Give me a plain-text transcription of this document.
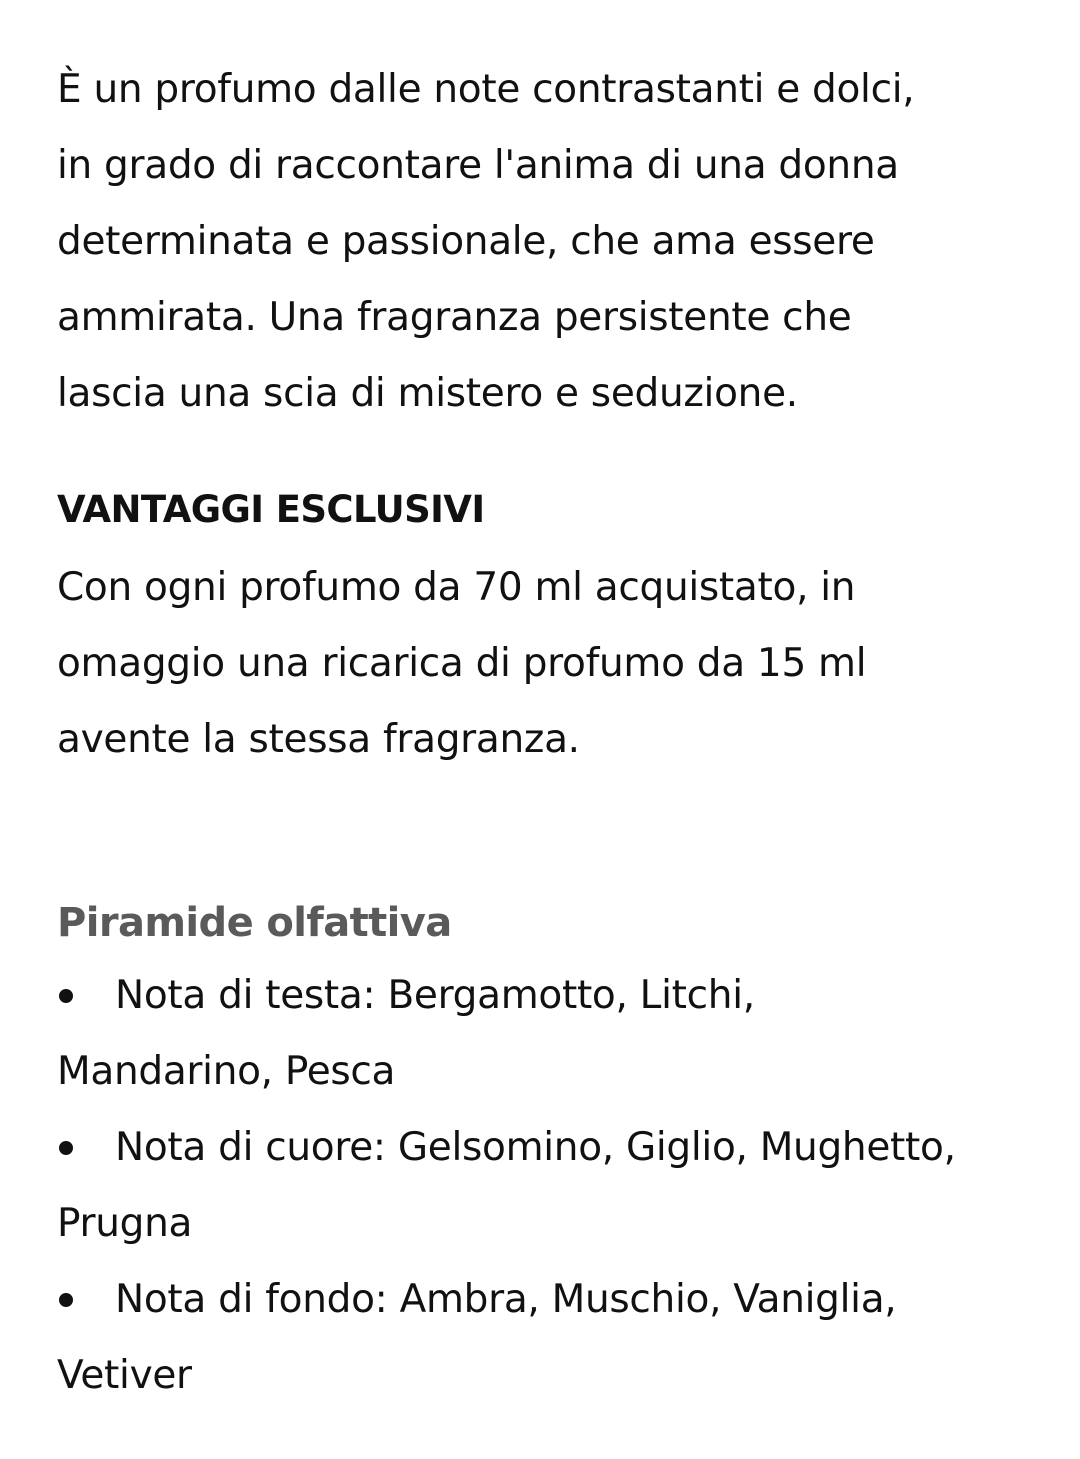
È un profumo dalle note contrastanti e dolci,
in grado di raccontare l'anima di una donna
determinata e passionale, che ama essere
ammirata. Una fragranza persistente che
lascia una scia di mistero e seduzione.

VANTAGGI ESCLUSIVI

Con ogni profumo da 70 ml acquistato, in
omaggio una ricarica di profumo da 15 ml
avente la stessa fragranza.

Piramide olfattiva
Nota di testa: Bergamotto, Litchi,
Mandarino, Pesca
Nota di cuore: Gelsomino, Giglio, Mughetto,
Prugna
Nota di fondo: Ambra, Muschio, Vaniglia,
Vetiver
